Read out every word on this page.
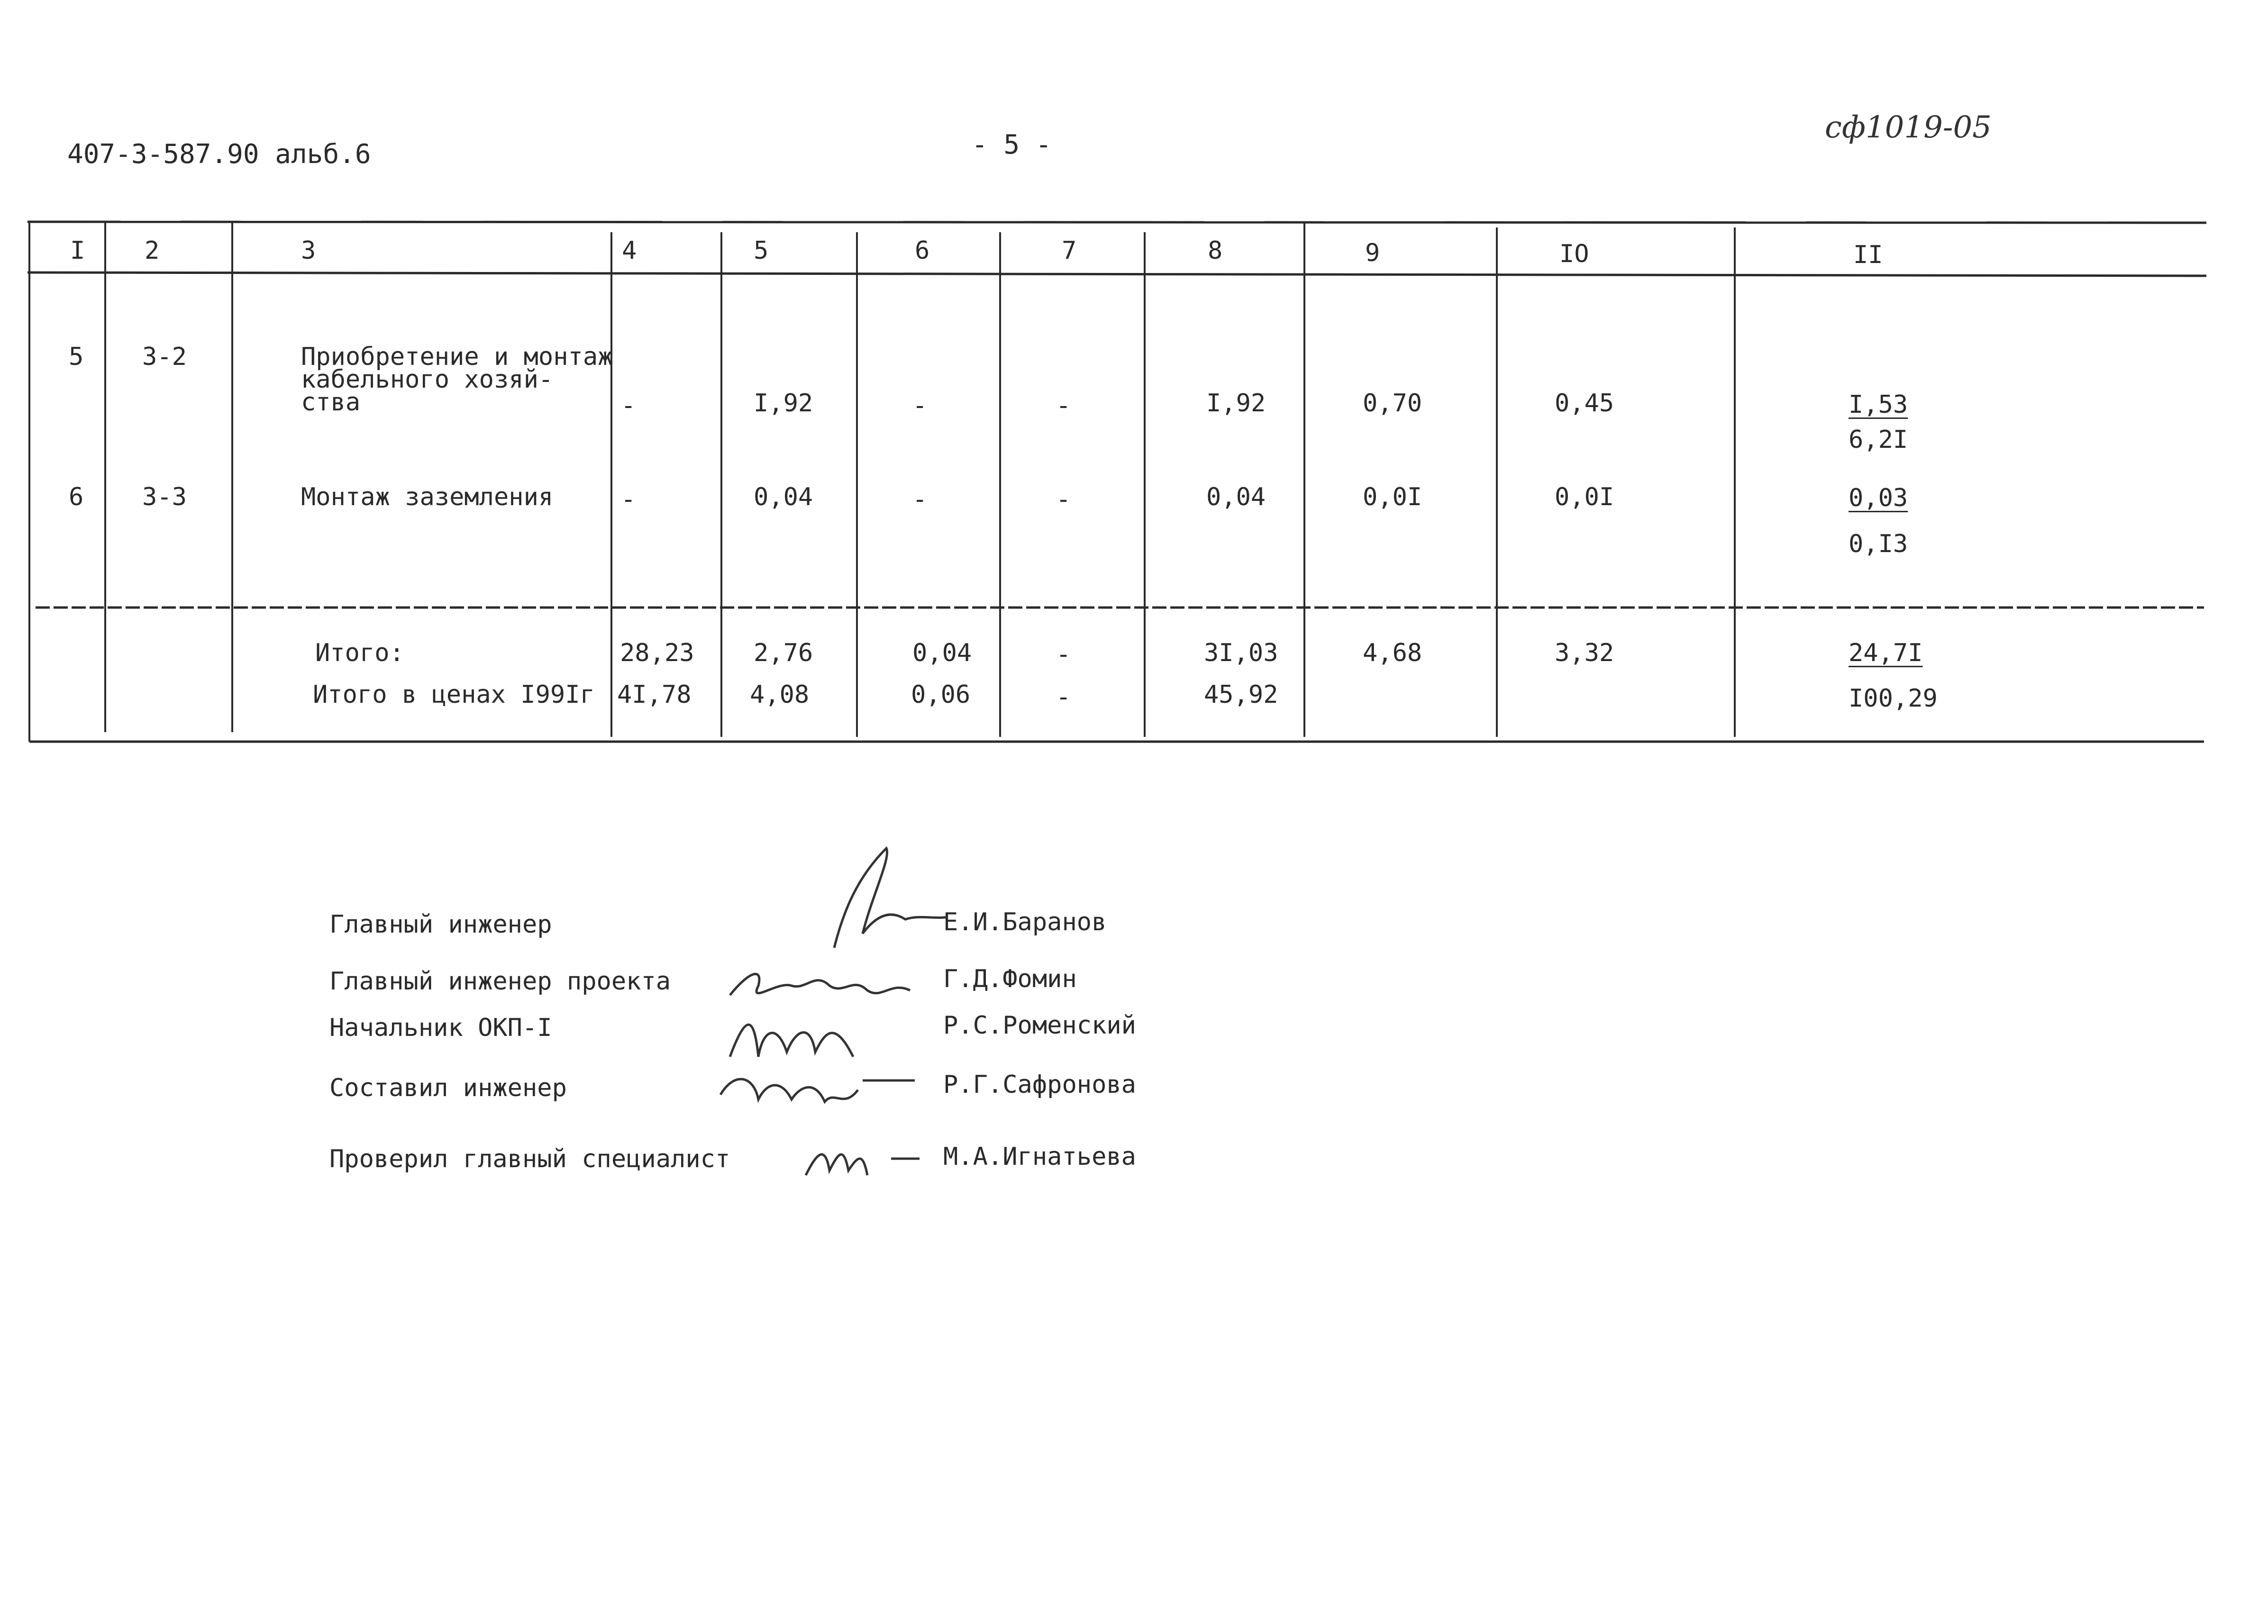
407-3-587.90 альб.6	- 5 -	сф1019-05
I 2	3	4	5	6	7	8	9	IO	II
5 3-2	Приобретение и монтаж
кабельного хозяй-
ства	-	I,92	-	-	I,92	0,70	0,45	I,53
6,2I
6 3-3	Монтаж заземления	-	0,04	-	-	0,04	0,0I	0,0I	0,03
0,I3
Итого:	28,23 2,76	0,04	-	3I,03	4,68	3,32	24,7I
Итого в ценах I99Iг 4I,78 4,08	0,06	-	45,92	I00,29
Главный инженер	Е.И.Баранов
Главный инженер проекта	Г.Д.Фомин
Начальник ОКП-I	Р.С.Роменский
Составил инженер	Р.Г.Сафронова
Проверил главный специалист	М.А.Игнатьева
